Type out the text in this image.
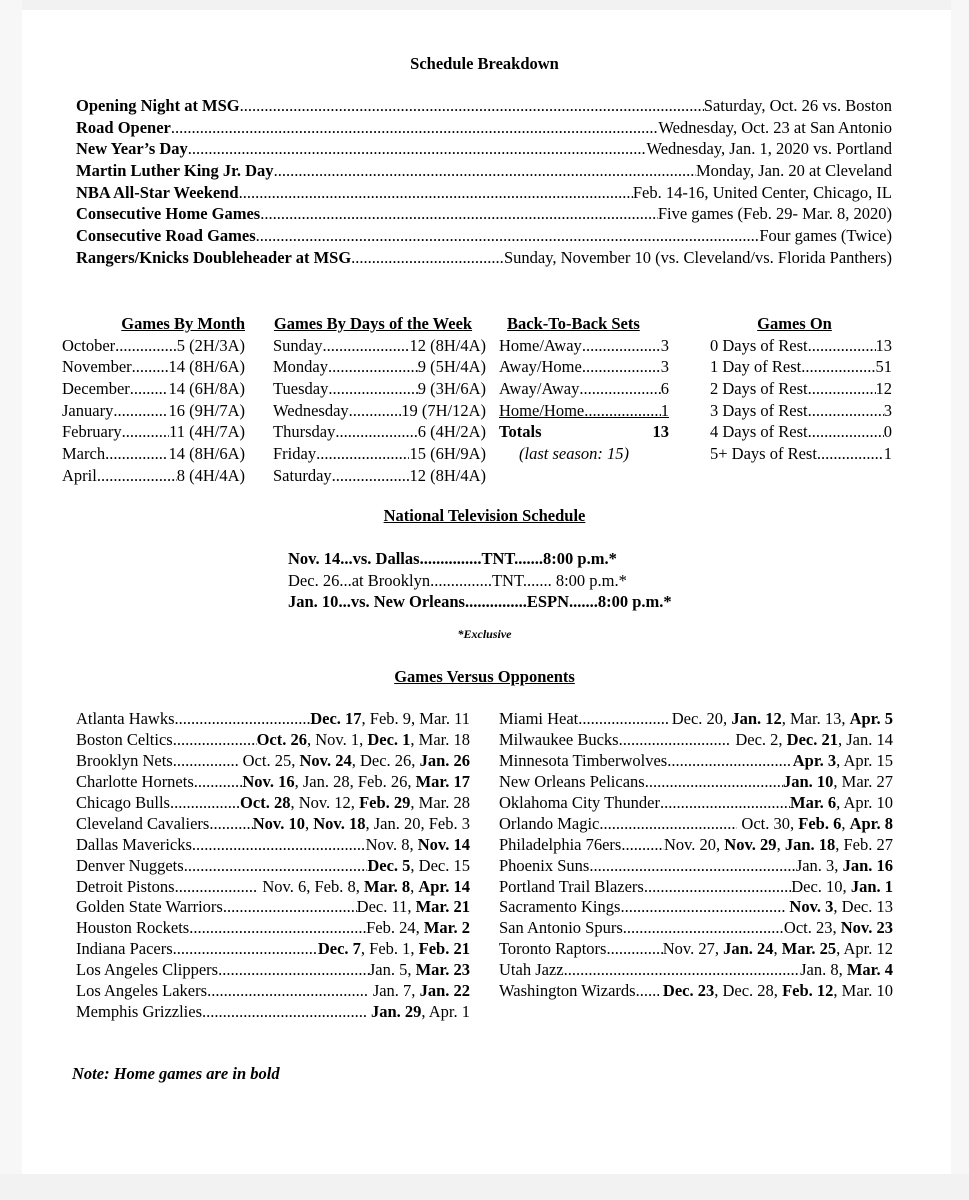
Schedule Breakdown
Opening Night at MSG .....	Saturday, Oct. 26 vs. Boston
Road Opener .....	Wednesday, Oct. 23 at San Antonio
New Year’s Day .....	Wednesday, Jan. 1, 2020 vs. Portland
Martin Luther King Jr. Day .....	Monday, Jan. 20 at Cleveland
NBA All-Star Weekend .....	Feb. 14-16, United Center, Chicago, IL
Consecutive Home Games .....	Five games (Feb. 29- Mar. 8, 2020)
Consecutive Road Games .....	Four games (Twice)
Rangers/Knicks Doubleheader at MSG .....	Sunday, November 10 (vs. Cleveland/vs. Florida Panthers)
Games By Month
October .....	5 (2H/3A)
November ..... 14 (8H/6A)
December ..... 14 (6H/8A)
January .....	16 (9H/7A)
February .....	11 (4H/7A)
March .....	14 (8H/6A)
April .....	8 (4H/4A)
Games By Days of the Week
Sunday .....	12 (8H/4A)
Monday .....	9 (5H/4A)
Tuesday .....	9 (3H/6A)
Wednesday .....	19 (7H/12A)
Thursday .....	6 (4H/2A)
Friday .....	15 (6H/9A)
Saturday .....	12 (8H/4A)
Back-To-Back Sets
Home/Away .....	3
Away/Home .....	3
Away/Away .....	6
Home/Home .....	1
Totals	13
(last season: 15)
Games On
0 Days of Rest .....	13
1 Day of Rest .....	51
2 Days of Rest .....	12
3 Days of Rest .....	3
4 Days of Rest .....	0
5+ Days of Rest .....	1
National Television Schedule
Nov. 14...vs. Dallas...............TNT.......8:00 p.m.*
Dec. 26...at Brooklyn...............TNT....... 8:00 p.m.*
Jan. 10...vs. New Orleans...............ESPN.......8:00 p.m.*
*Exclusive
Games Versus Opponents
Atlanta Hawks .....	Dec. 17, Feb. 9, Mar. 11
Boston Celtics .....	Oct. 26, Nov. 1, Dec. 1, Mar. 18
Brooklyn Nets .....	Oct. 25, Nov. 24, Dec. 26, Jan. 26
Charlotte Hornets .....	Nov. 16, Jan. 28, Feb. 26, Mar. 17
Chicago Bulls .....	Oct. 28, Nov. 12, Feb. 29, Mar. 28
Cleveland Cavaliers .....	Nov. 10, Nov. 18, Jan. 20, Feb. 3
Dallas Mavericks .....	Nov. 8, Nov. 14
Denver Nuggets .....	Dec. 5, Dec. 15
Detroit Pistons .....	Nov. 6, Feb. 8, Mar. 8, Apr. 14
Golden State Warriors .....	Dec. 11, Mar. 21
Houston Rockets .....	Feb. 24, Mar. 2
Indiana Pacers .....	Dec. 7, Feb. 1, Feb. 21
Los Angeles Clippers .....	Jan. 5, Mar. 23
Los Angeles Lakers .....	Jan. 7, Jan. 22
Memphis Grizzlies .....	Jan. 29, Apr. 1
Miami Heat .....	Dec. 20, Jan. 12, Mar. 13, Apr. 5
Milwaukee Bucks .....	Dec. 2, Dec. 21, Jan. 14
Minnesota Timberwolves .....	Apr. 3, Apr. 15
New Orleans Pelicans .....	Jan. 10, Mar. 27
Oklahoma City Thunder .....	Mar. 6, Apr. 10
Orlando Magic .....	Oct. 30, Feb. 6, Apr. 8
Philadelphia 76ers .....	Nov. 20, Nov. 29, Jan. 18, Feb. 27
Phoenix Suns .....	Jan. 3, Jan. 16
Portland Trail Blazers .....	Dec. 10, Jan. 1
Sacramento Kings .....	Nov. 3, Dec. 13
San Antonio Spurs .....	Oct. 23, Nov. 23
Toronto Raptors .....	Nov. 27, Jan. 24, Mar. 25, Apr. 12
Utah Jazz .....	Jan. 8, Mar. 4
Washington Wizards ..... Dec. 23, Dec. 28, Feb. 12, Mar. 10
Note: Home games are in bold
